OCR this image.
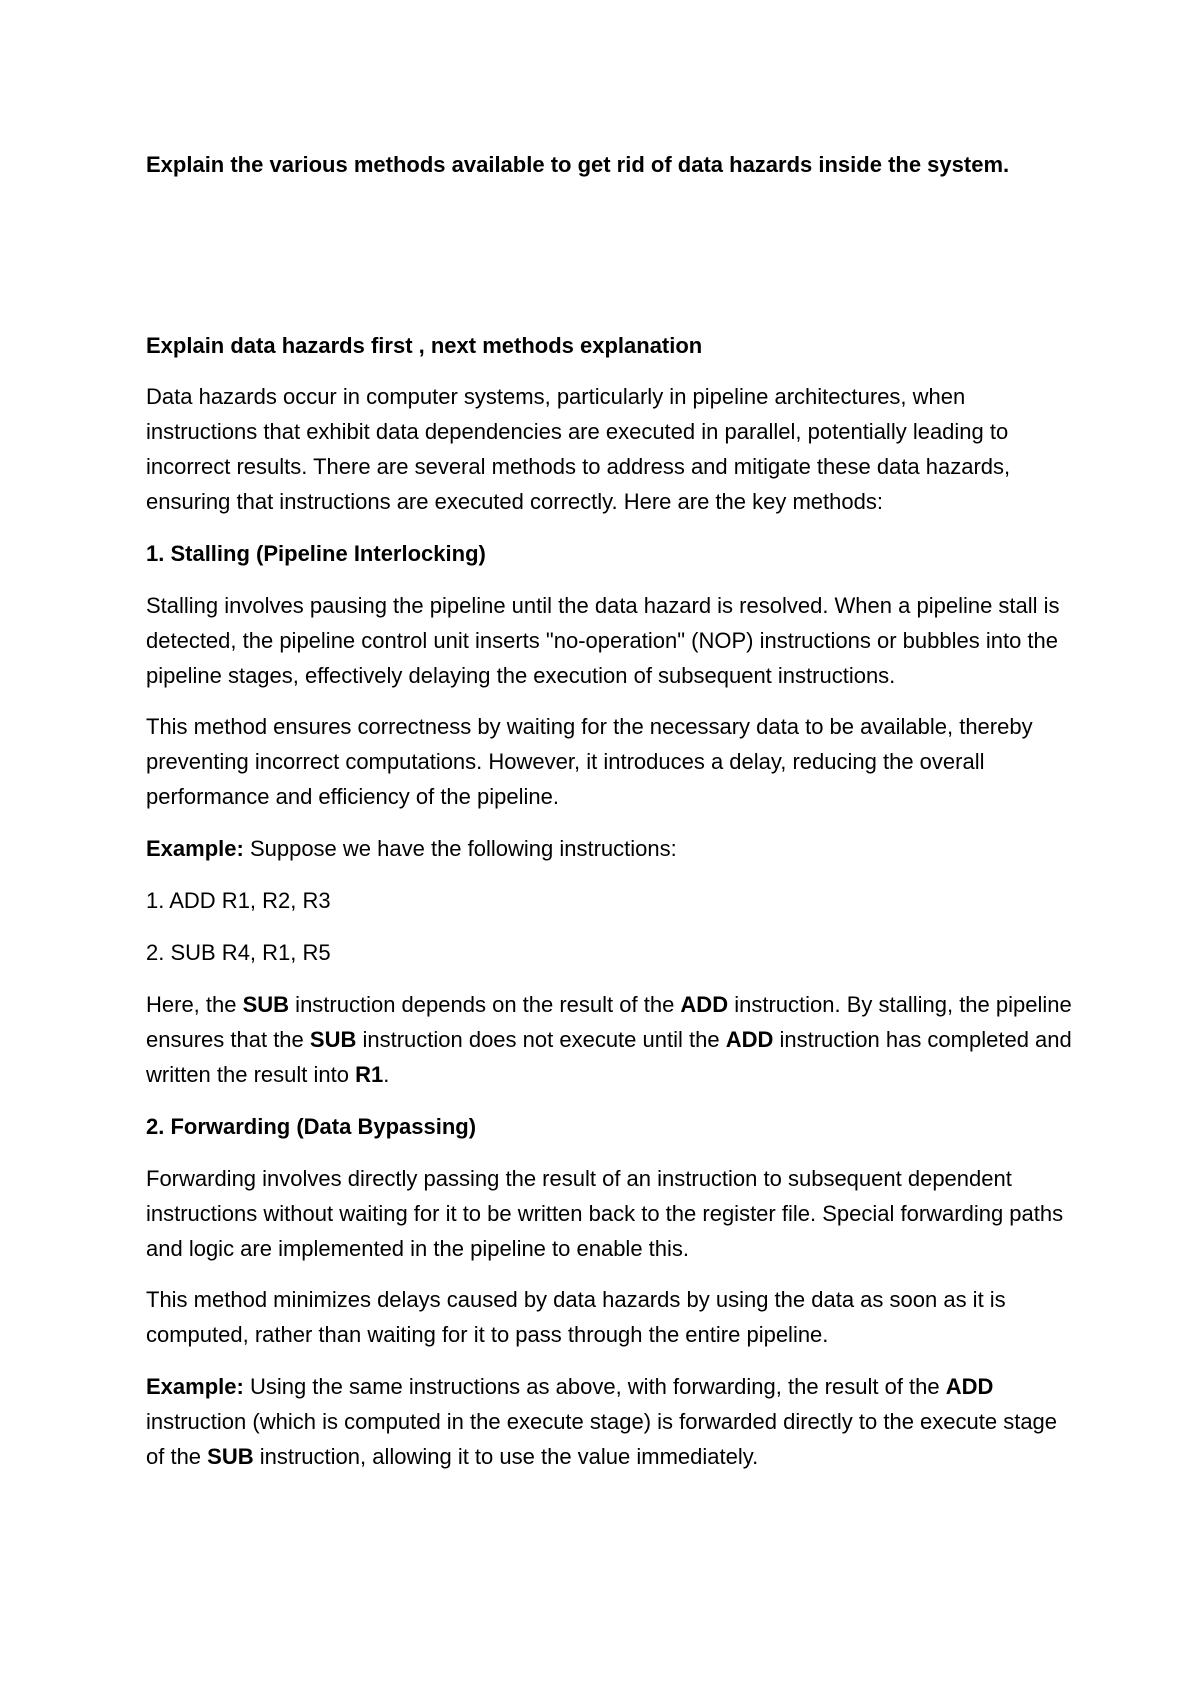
Explain the various methods available to get rid of data hazards inside the system.

Explain data hazards first , next methods explanation

Data hazards occur in computer systems, particularly in pipeline architectures, when instructions that exhibit data dependencies are executed in parallel, potentially leading to incorrect results. There are several methods to address and mitigate these data hazards, ensuring that instructions are executed correctly. Here are the key methods:

1. Stalling (Pipeline Interlocking)

Stalling involves pausing the pipeline until the data hazard is resolved. When a pipeline stall is detected, the pipeline control unit inserts "no-operation" (NOP) instructions or bubbles into the pipeline stages, effectively delaying the execution of subsequent instructions.

This method ensures correctness by waiting for the necessary data to be available, thereby preventing incorrect computations. However, it introduces a delay, reducing the overall performance and efficiency of the pipeline.

Example: Suppose we have the following instructions:

1. ADD R1, R2, R3

2. SUB R4, R1, R5

Here, the SUB instruction depends on the result of the ADD instruction. By stalling, the pipeline ensures that the SUB instruction does not execute until the ADD instruction has completed and written the result into R1.

2. Forwarding (Data Bypassing)

Forwarding involves directly passing the result of an instruction to subsequent dependent instructions without waiting for it to be written back to the register file. Special forwarding paths and logic are implemented in the pipeline to enable this.

This method minimizes delays caused by data hazards by using the data as soon as it is computed, rather than waiting for it to pass through the entire pipeline.

Example: Using the same instructions as above, with forwarding, the result of the ADD instruction (which is computed in the execute stage) is forwarded directly to the execute stage of the SUB instruction, allowing it to use the value immediately.
